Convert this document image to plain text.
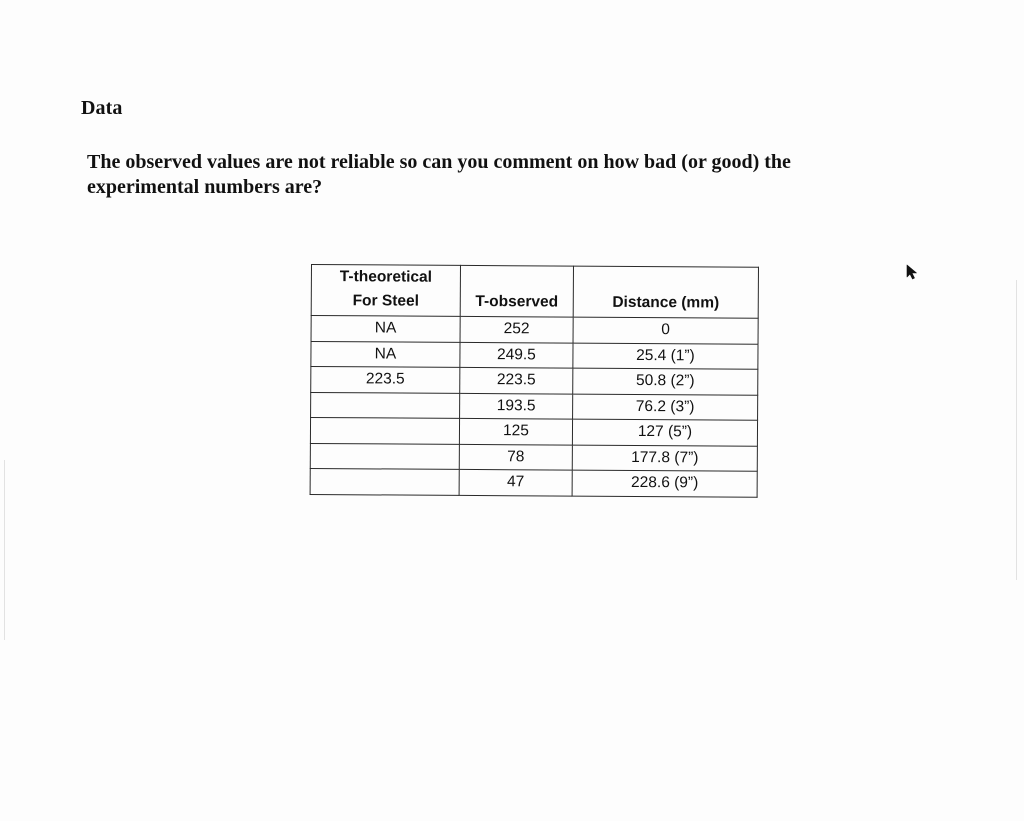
Data

The observed values are not reliable so can you comment on how bad (or good) the experimental numbers are?

T-theoretical
For Steel	T-observed	Distance (mm)
NA	252	0
NA	249.5	25.4 (1”)
223.5	223.5	50.8 (2”)
	193.5	76.2 (3”)
	125	127 (5”)
	78	177.8 (7”)
	47	228.6 (9”)
